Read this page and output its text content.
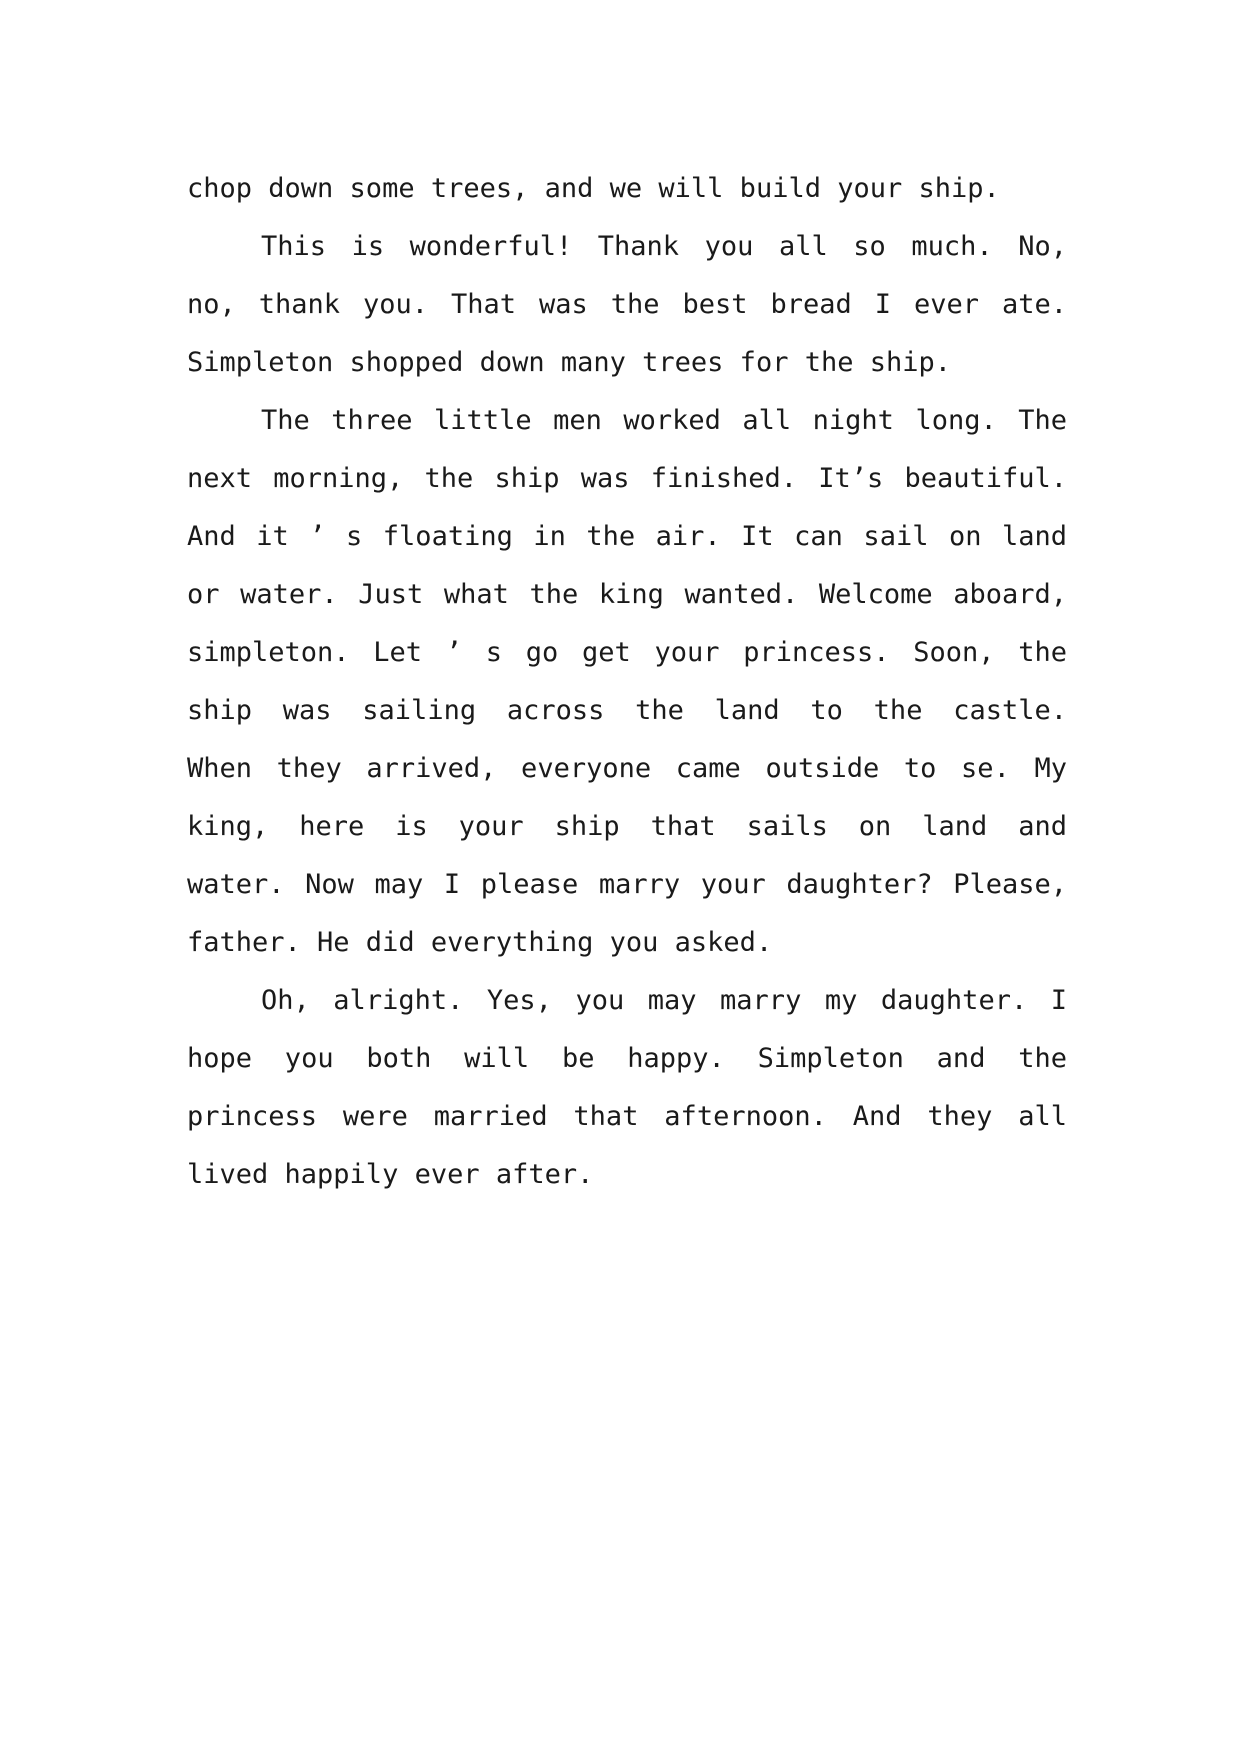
chop down some trees, and we will build your ship.
This is wonderful! Thank you all so much. No,
no, thank you. That was the best bread I ever ate.
Simpleton shopped down many trees for the ship.
The three little men worked all night long. The
next morning, the ship was finished. It’s beautiful.
And it ’ s floating in the air. It can sail on land
or water. Just what the king wanted. Welcome aboard,
simpleton. Let ’ s go get your princess. Soon, the
ship was sailing across the land to the castle.
When they arrived, everyone came outside to se. My
king, here is your ship that sails on land and
water. Now may I please marry your daughter? Please,
father. He did everything you asked.
Oh, alright. Yes, you may marry my daughter. I
hope you both will be happy. Simpleton and the
princess were married that afternoon. And they all
lived happily ever after.
